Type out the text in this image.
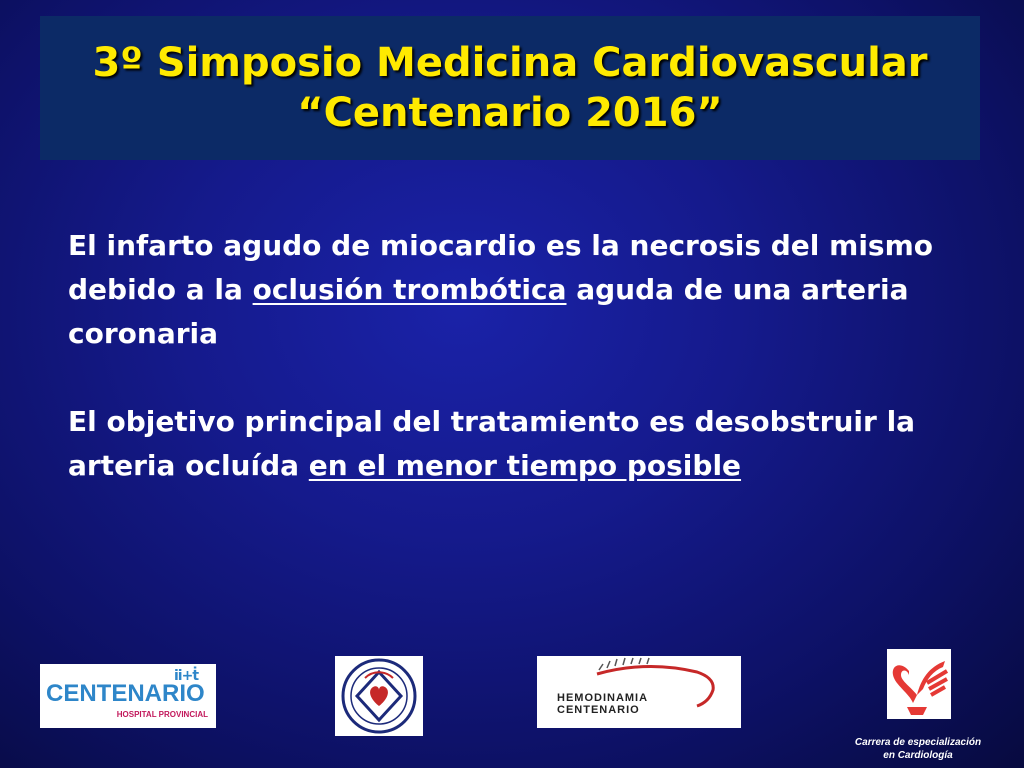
3º Simposio Medicina Cardiovascular
“Centenario 2016”

El infarto agudo de miocardio es la necrosis del mismo debido a la oclusión trombótica aguda de una arteria coronaria

El objetivo principal del tratamiento es desobstruir la arteria ocluída en el menor tiempo posible

ii+ṫ
CENTENARIO
HOSPITAL PROVINCIAL
HEMODINAMIA
CENTENARIO
Carrera de especialización
en Cardiología
